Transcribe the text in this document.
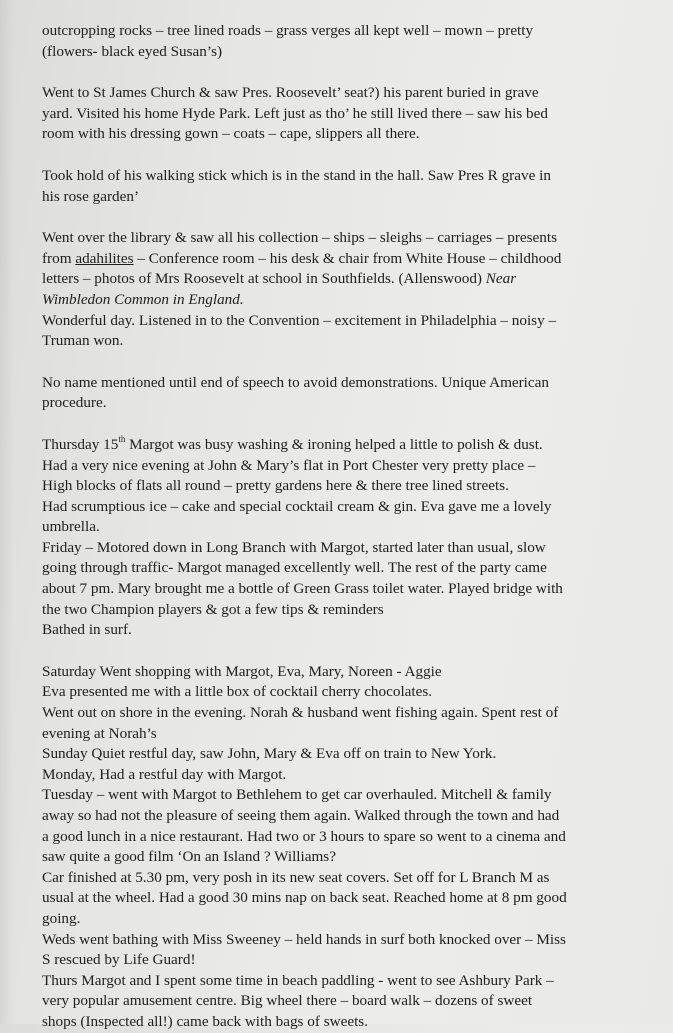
outcropping rocks – tree lined roads – grass verges all kept well – mown – pretty
(flowers- black eyed Susan’s)
Went to St James Church & saw Pres. Roosevelt’ seat?) his parent buried in grave
yard. Visited his home Hyde Park. Left just as tho’ he still lived there – saw his bed
room with his dressing gown – coats – cape, slippers all there.
Took hold of his walking stick which is in the stand in the hall. Saw Pres R grave in
his rose garden’
Went over the library & saw all his collection – ships – sleighs – carriages – presents
from adahilites – Conference room – his desk & chair from White House – childhood
letters – photos of Mrs Roosevelt at school in Southfields. (Allenswood) Near
Wimbledon Common in England.
Wonderful day. Listened in to the Convention – excitement in Philadelphia – noisy –
Truman won.
No name mentioned until end of speech to avoid demonstrations. Unique American
procedure.
Thursday 15th Margot was busy washing & ironing helped a little to polish & dust.
Had a very nice evening at John & Mary’s flat in Port Chester very pretty place –
High blocks of flats all round – pretty gardens here & there tree lined streets.
Had scrumptious ice – cake and special cocktail cream & gin. Eva gave me a lovely
umbrella.
Friday – Motored down in Long Branch with Margot, started later than usual, slow
going through traffic- Margot managed excellently well. The rest of the party came
about 7 pm. Mary brought me a bottle of Green Grass toilet water. Played bridge with
the two Champion players & got a few tips & reminders
Bathed in surf.
Saturday Went shopping with Margot, Eva, Mary, Noreen - Aggie
Eva presented me with a little box of cocktail cherry chocolates.
Went out on shore in the evening. Norah & husband went fishing again. Spent rest of
evening at Norah’s
Sunday Quiet restful day, saw John, Mary & Eva off on train to New York.
Monday, Had a restful day with Margot.
Tuesday – went with Margot to Bethlehem to get car overhauled. Mitchell & family
away so had not the pleasure of seeing them again. Walked through the town and had
a good lunch in a nice restaurant. Had two or 3 hours to spare so went to a cinema and
saw quite a good film ‘On an Island ? Williams?
Car finished at 5.30 pm, very posh in its new seat covers. Set off for L Branch M as
usual at the wheel. Had a good 30 mins nap on back seat. Reached home at 8 pm good
going.
Weds went bathing with Miss Sweeney – held hands in surf both knocked over – Miss
S rescued by Life Guard!
Thurs Margot and I spent some time in beach paddling - went to see Ashbury Park –
very popular amusement centre. Big wheel there – board walk – dozens of sweet
shops (Inspected all!) came back with bags of sweets.
